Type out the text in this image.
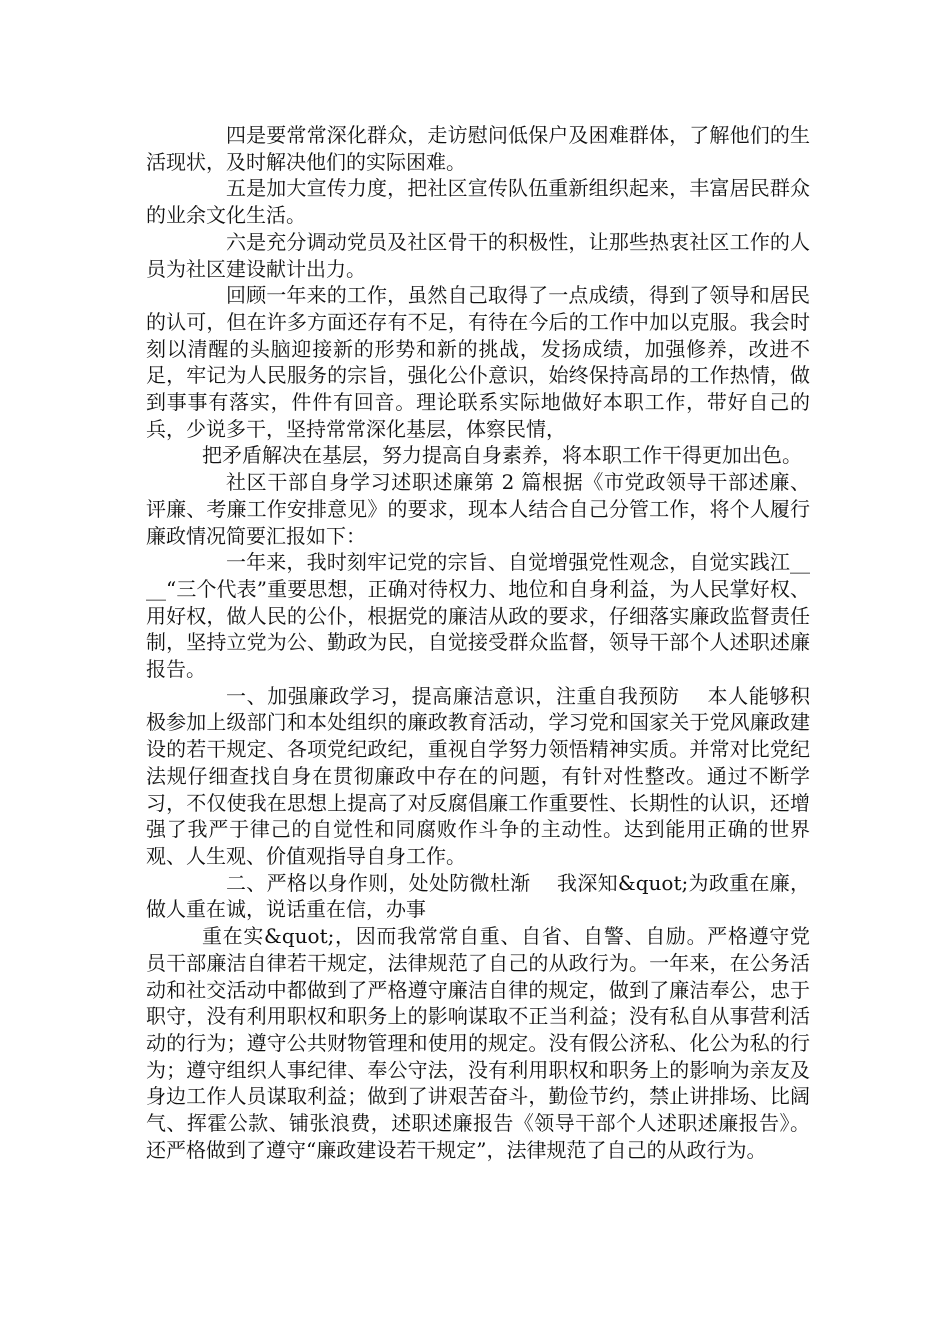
四是要常常深化群众，走访慰问低保户及困难群体，了解他们的生活现状，及时解决他们的实际困难。

五是加大宣传力度，把社区宣传队伍重新组织起来，丰富居民群众的业余文化生活。

六是充分调动党员及社区骨干的积极性，让那些热衷社区工作的人员为社区建设献计出力。

回顾一年来的工作，虽然自己取得了一点成绩，得到了领导和居民的认可，但在许多方面还存有不足，有待在今后的工作中加以克服。我会时刻以清醒的头脑迎接新的形势和新的挑战，发扬成绩，加强修养，改进不足，牢记为人民服务的宗旨，强化公仆意识，始终保持高昂的工作热情，做到事事有落实，件件有回音。理论联系实际地做好本职工作，带好自己的兵，少说多干，坚持常常深化基层，体察民情，

把矛盾解决在基层，努力提高自身素养，将本职工作干得更加出色。

社区干部自身学习述职述廉第 2 篇根据《市党政领导干部述廉、评廉、考廉工作安排意见》的要求，现本人结合自己分管工作，将个人履行廉政情况简要汇报如下：

一年来，我时刻牢记党的宗旨、自觉增强党性观念，自觉实践江____“三个代表”重要思想，正确对待权力、地位和自身利益，为人民掌好权、用好权，做人民的公仆，根据党的廉洁从政的要求，仔细落实廉政监督责任制，坚持立党为公、勤政为民，自觉接受群众监督，领导干部个人述职述廉报告。

一、加强廉政学习，提高廉洁意识，注重自我预防    本人能够积极参加上级部门和本处组织的廉政教育活动，学习党和国家关于党风廉政建设的若干规定、各项党纪政纪，重视自学努力领悟精神实质。并常对比党纪法规仔细查找自身在贯彻廉政中存在的问题，有针对性整改。通过不断学习，不仅使我在思想上提高了对反腐倡廉工作重要性、长期性的认识，还增强了我严于律己的自觉性和同腐败作斗争的主动性。达到能用正确的世界观、人生观、价值观指导自身工作。

二、严格以身作则，处处防微杜渐    我深知&quot;为政重在廉，做人重在诚，说话重在信，办事

重在实&quot;，因而我常常自重、自省、自警、自励。严格遵守党员干部廉洁自律若干规定，法律规范了自己的从政行为。一年来，在公务活动和社交活动中都做到了严格遵守廉洁自律的规定，做到了廉洁奉公，忠于职守，没有利用职权和职务上的影响谋取不正当利益；没有私自从事营利活动的行为；遵守公共财物管理和使用的规定。没有假公济私、化公为私的行为；遵守组织人事纪律、奉公守法，没有利用职权和职务上的影响为亲友及身边工作人员谋取利益；做到了讲艰苦奋斗，勤俭节约，禁止讲排场、比阔气、挥霍公款、铺张浪费，述职述廉报告《领导干部个人述职述廉报告》。还严格做到了遵守“廉政建设若干规定”，法律规范了自己的从政行为。
